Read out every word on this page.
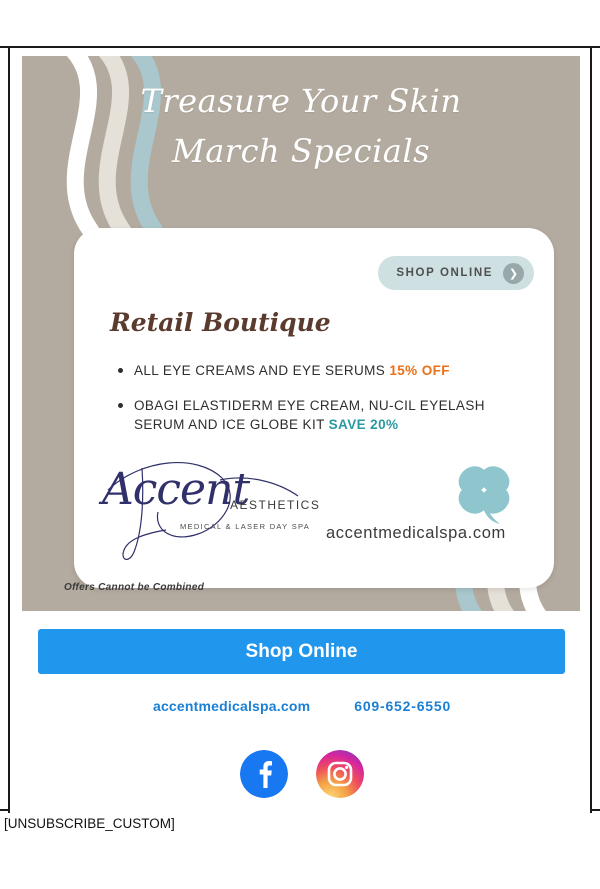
Treasure Your Skin
March Specials
SHOP ONLINE	❯
Retail Boutique
ALL EYE CREAMS AND EYE SERUMS 15% OFF
OBAGI ELASTIDERM EYE CREAM, NU-CIL EYELASH SERUM AND ICE GLOBE KIT SAVE 20%
Accent
AESTHETICS
MEDICAL & LASER DAY SPA accentmedicalspa.com
Offers Cannot be Combined
Shop Online
accentmedicalspa.com	609-652-6550
[UNSUBSCRIBE_CUSTOM]
